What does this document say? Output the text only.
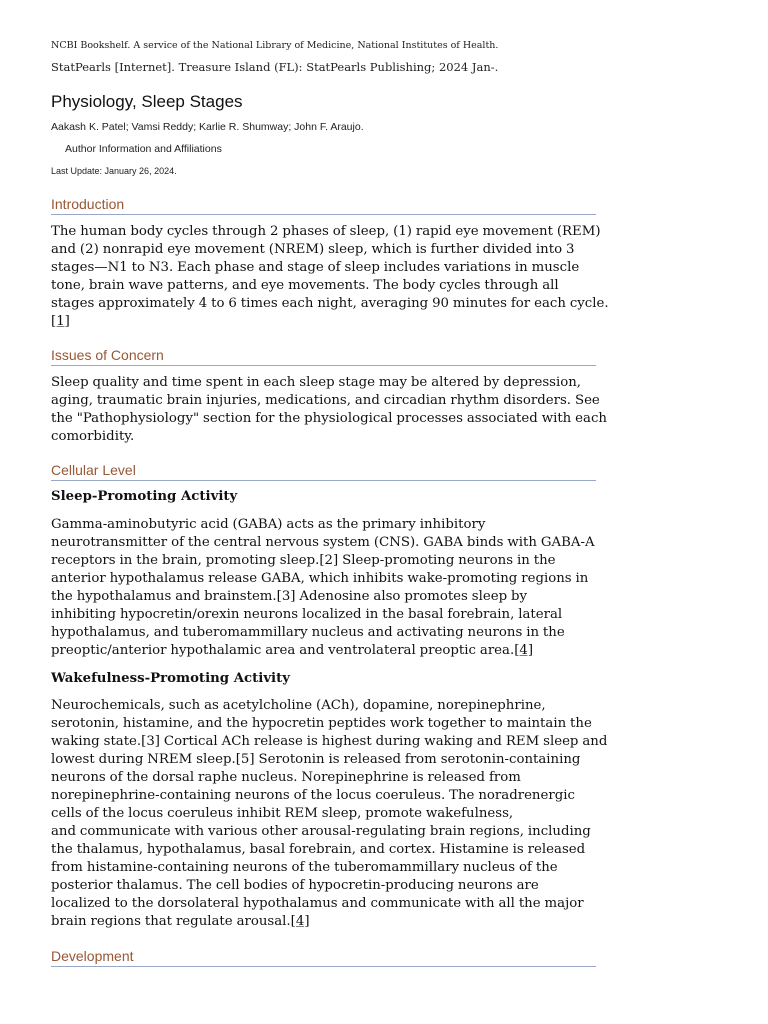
NCBI Bookshelf. A service of the National Library of Medicine, National Institutes of Health.
StatPearls [Internet]. Treasure Island (FL): StatPearls Publishing; 2024 Jan-.
Physiology, Sleep Stages
Aakash K. Patel; Vamsi Reddy; Karlie R. Shumway; John F. Araujo.
Author Information and Affiliations
Last Update: January 26, 2024.
Introduction
The human body cycles through 2 phases of sleep, (1) rapid eye movement (REM)
and (2) nonrapid eye movement (NREM) sleep, which is further divided into 3
stages—N1 to N3. Each phase and stage of sleep includes variations in muscle
tone, brain wave patterns, and eye movements. The body cycles through all
stages approximately 4 to 6 times each night, averaging 90 minutes for each cycle.
[1]
Issues of Concern
Sleep quality and time spent in each sleep stage may be altered by depression,
aging, traumatic brain injuries, medications, and circadian rhythm disorders. See
the "Pathophysiology" section for the physiological processes associated with each
comorbidity.
Cellular Level
Sleep-Promoting Activity
Gamma-aminobutyric acid (GABA) acts as the primary inhibitory
neurotransmitter of the central nervous system (CNS). GABA binds with GABA-A
receptors in the brain, promoting sleep.[2] Sleep-promoting neurons in the
anterior hypothalamus release GABA, which inhibits wake-promoting regions in
the hypothalamus and brainstem.[3] Adenosine also promotes sleep by
inhibiting hypocretin/orexin neurons localized in the basal forebrain, lateral
hypothalamus, and tuberomammillary nucleus and activating neurons in the
preoptic/anterior hypothalamic area and ventrolateral preoptic area.[4]
Wakefulness-Promoting Activity
Neurochemicals, such as acetylcholine (ACh), dopamine, norepinephrine,
serotonin, histamine, and the hypocretin peptides work together to maintain the
waking state.[3] Cortical ACh release is highest during waking and REM sleep and
lowest during NREM sleep.[5] Serotonin is released from serotonin-containing
neurons of the dorsal raphe nucleus. Norepinephrine is released from
norepinephrine-containing neurons of the locus coeruleus. The noradrenergic
cells of the locus coeruleus inhibit REM sleep, promote wakefulness,
and communicate with various other arousal-regulating brain regions, including
the thalamus, hypothalamus, basal forebrain, and cortex. Histamine is released
from histamine-containing neurons of the tuberomammillary nucleus of the
posterior thalamus. The cell bodies of hypocretin-producing neurons are
localized to the dorsolateral hypothalamus and communicate with all the major
brain regions that regulate arousal.[4]
Development
